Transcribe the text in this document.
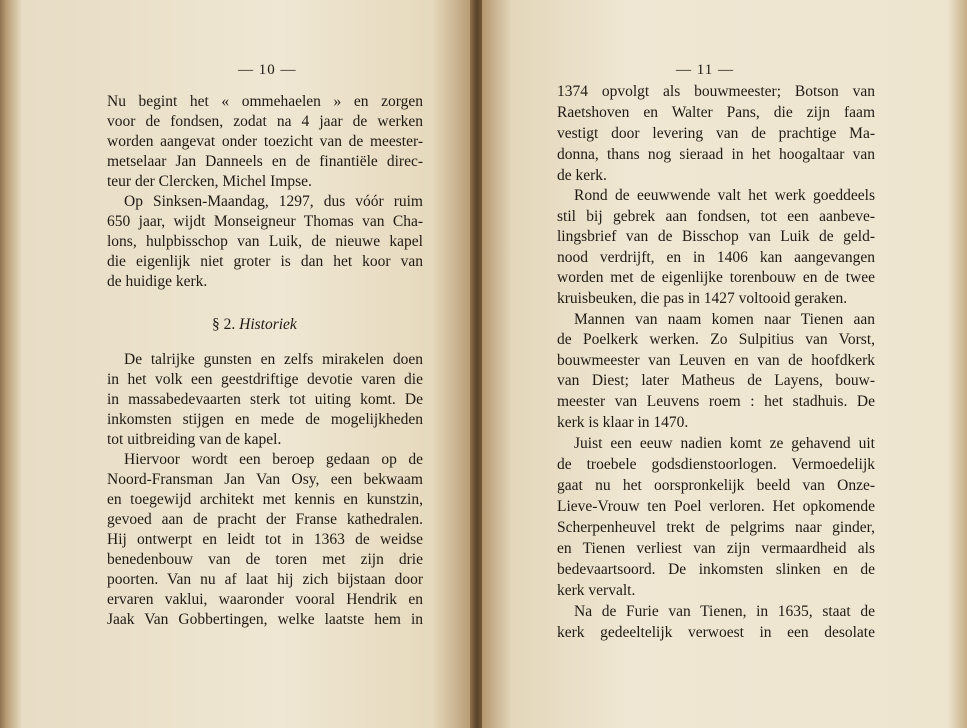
— 10 —
Nu begint het « ommehaelen » en zorgen
voor de fondsen, zodat na 4 jaar de werken
worden aangevat onder toezicht van de meester-
metselaar Jan Danneels en de finantiële direc-
teur der Clercken, Michel Impse.
Op Sinksen-Maandag, 1297, dus vóór ruim
650 jaar, wijdt Monseigneur Thomas van Cha-
lons, hulpbisschop van Luik, de nieuwe kapel
die eigenlijk niet groter is dan het koor van
de huidige kerk.
§ 2. Historiek
De talrijke gunsten en zelfs mirakelen doen
in het volk een geestdriftige devotie varen die
in massabedevaarten sterk tot uiting komt. De
inkomsten stijgen en mede de mogelijkheden
tot uitbreiding van de kapel.
Hiervoor wordt een beroep gedaan op de
Noord-Fransman Jan Van Osy, een bekwaam
en toegewijd architekt met kennis en kunstzin,
gevoed aan de pracht der Franse kathedralen.
Hij ontwerpt en leidt tot in 1363 de weidse
benedenbouw van de toren met zijn drie
poorten. Van nu af laat hij zich bijstaan door
ervaren vaklui, waaronder vooral Hendrik en
Jaak Van Gobbertingen, welke laatste hem in
— 11 —
1374 opvolgt als bouwmeester; Botson van
Raetshoven en Walter Pans, die zijn faam
vestigt door levering van de prachtige Ma-
donna, thans nog sieraad in het hoogaltaar van
de kerk.
Rond de eeuwwende valt het werk goeddeels
stil bij gebrek aan fondsen, tot een aanbeve-
lingsbrief van de Bisschop van Luik de geld-
nood verdrijft, en in 1406 kan aangevangen
worden met de eigenlijke torenbouw en de twee
kruisbeuken, die pas in 1427 voltooid geraken.
Mannen van naam komen naar Tienen aan
de Poelkerk werken. Zo Sulpitius van Vorst,
bouwmeester van Leuven en van de hoofdkerk
van Diest; later Matheus de Layens, bouw-
meester van Leuvens roem : het stadhuis. De
kerk is klaar in 1470.
Juist een eeuw nadien komt ze gehavend uit
de troebele godsdienstoorlogen. Vermoedelijk
gaat nu het oorspronkelijk beeld van Onze-
Lieve-Vrouw ten Poel verloren. Het opkomende
Scherpenheuvel trekt de pelgrims naar ginder,
en Tienen verliest van zijn vermaardheid als
bedevaartsoord. De inkomsten slinken en de
kerk vervalt.
Na de Furie van Tienen, in 1635, staat de
kerk gedeeltelijk verwoest in een desolate
